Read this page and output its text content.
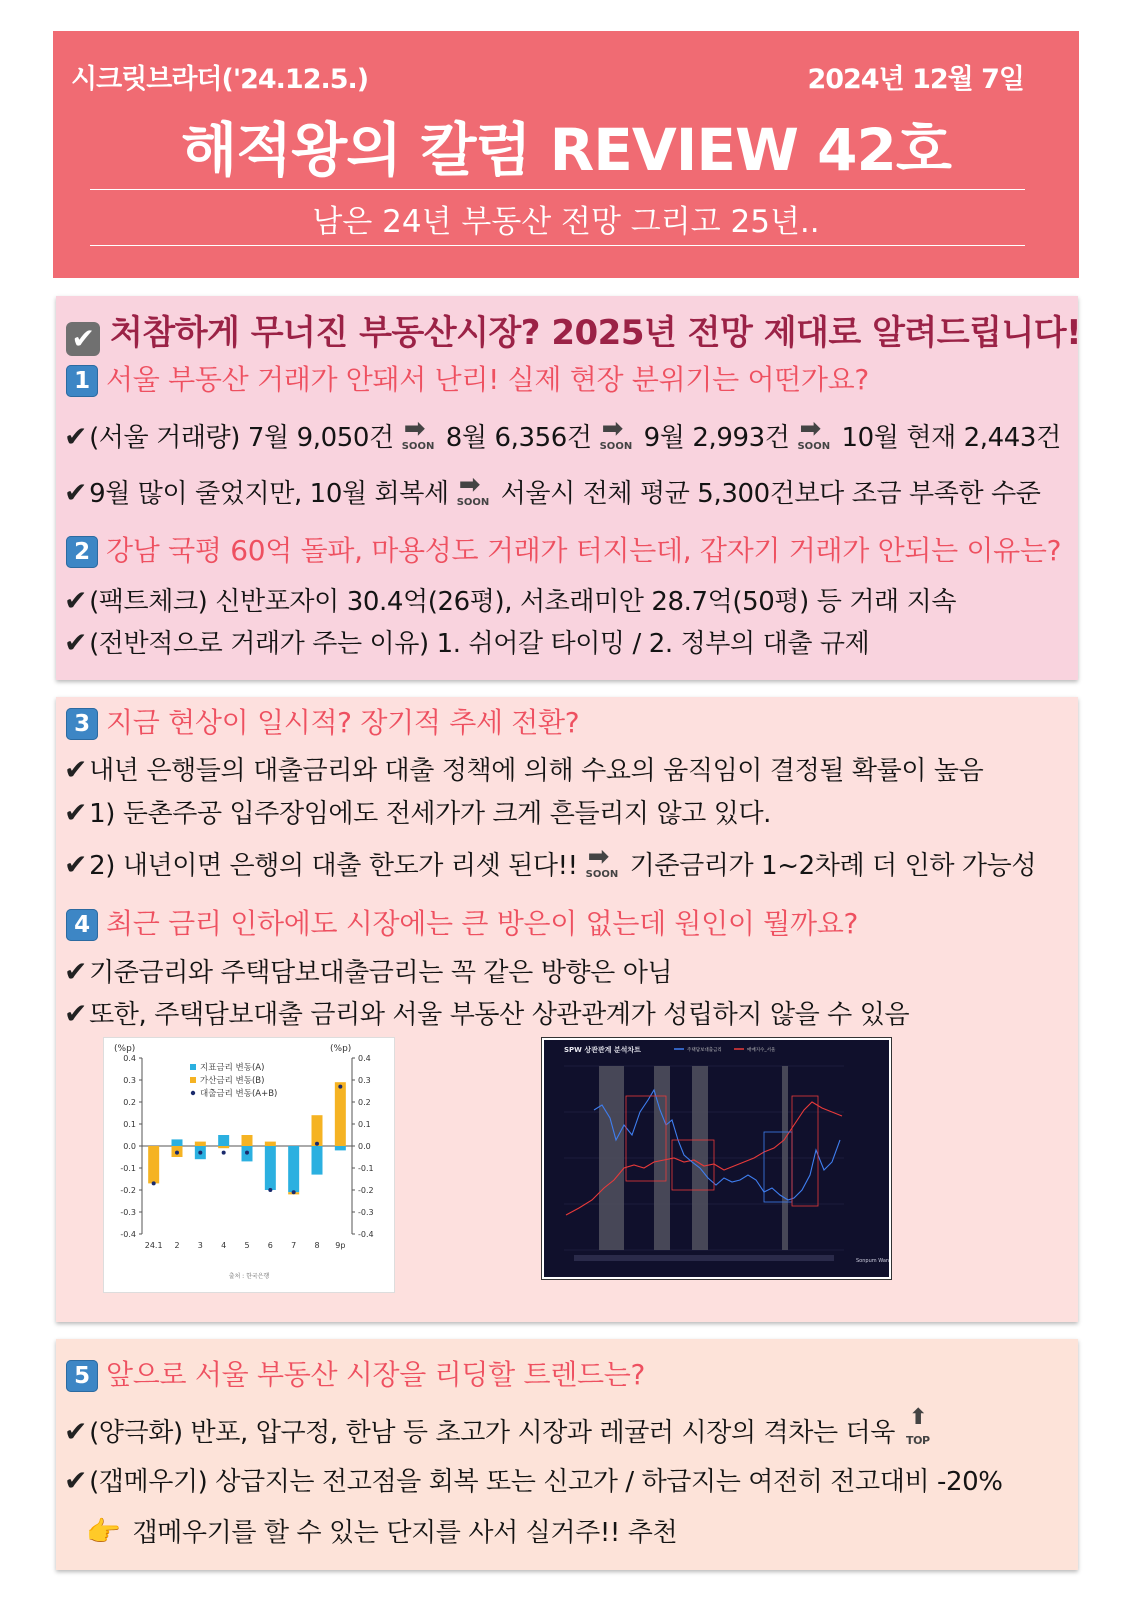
시크릿브라더('24.12.5.)	2024년 12월 7일
해적왕의 칼럼 REVIEW 42호
남은 24년 부동산 전망 그리고 25년..
✔ 처참하게 무너진 부동산시장? 2025년 전망 제대로 알려드립니다!
1 서울 부동산 거래가 안돼서 난리! 실제 현장 분위기는 어떤가요?
✔(서울 거래량) 7월 9,050건 ➡
SOON 8월 6,356건 ➡
SOON 9월 2,993건 ➡
SOON 10월 현재 2,443건
✔9월 많이 줄었지만, 10월 회복세 ➡
SOON 서울시 전체 평균 5,300건보다 조금 부족한 수준
2 강남 국평 60억 돌파, 마용성도 거래가 터지는데, 갑자기 거래가 안되는 이유는?
✔(팩트체크) 신반포자이 30.4억(26평), 서초래미안 28.7억(50평) 등 거래 지속
✔(전반적으로 거래가 주는 이유) 1. 쉬어갈 타이밍 / 2. 정부의 대출 규제
3 지금 현상이 일시적? 장기적 추세 전환?
✔내년 은행들의 대출금리와 대출 정책에 의해 수요의 움직임이 결정될 확률이 높음
✔1) 둔촌주공 입주장임에도 전세가가 크게 흔들리지 않고 있다.
✔2) 내년이면 은행의 대출 한도가 리셋 된다!! ➡
SOON 기준금리가 1~2차례 더 인하 가능성
4 최근 금리 인하에도 시장에는 큰 방은이 없는데 원인이 뭘까요?
✔기준금리와 주택담보대출금리는 꼭 같은 방향은 아님
✔또한, 주택담보대출 금리와 서울 부동산 상관관계가 성립하지 않을 수 있음
(%p)	(%p)
0.4	0.4
0.3	0.3
0.2	0.2
0.1	0.1
0.0	0.0
-0.1	-0.1
-0.2	-0.2
-0.3	-0.3
-0.4	-0.4
24.1 2 3 4 5 6 7 8 9p
지표금리 변동(A)
가산금리 변동(B)
대출금리 변동(A+B)
출처 : 한국은행
SPW 상관관계 분석차트	주택담보대출금리	매매지수_서울
Sonpum Wang
5 앞으로 서울 부동산 시장을 리딩할 트렌드는?
✔(양극화) 반포, 압구정, 한남 등 초고가 시장과 레귤러 시장의 격차는 더욱
⬆
TOP
✔(갭메우기) 상급지는 전고점을 회복 또는 신고가 / 하급지는 여전히 전고대비 -20%
👉 갭메우기를 할 수 있는 단지를 사서 실거주!! 추천
